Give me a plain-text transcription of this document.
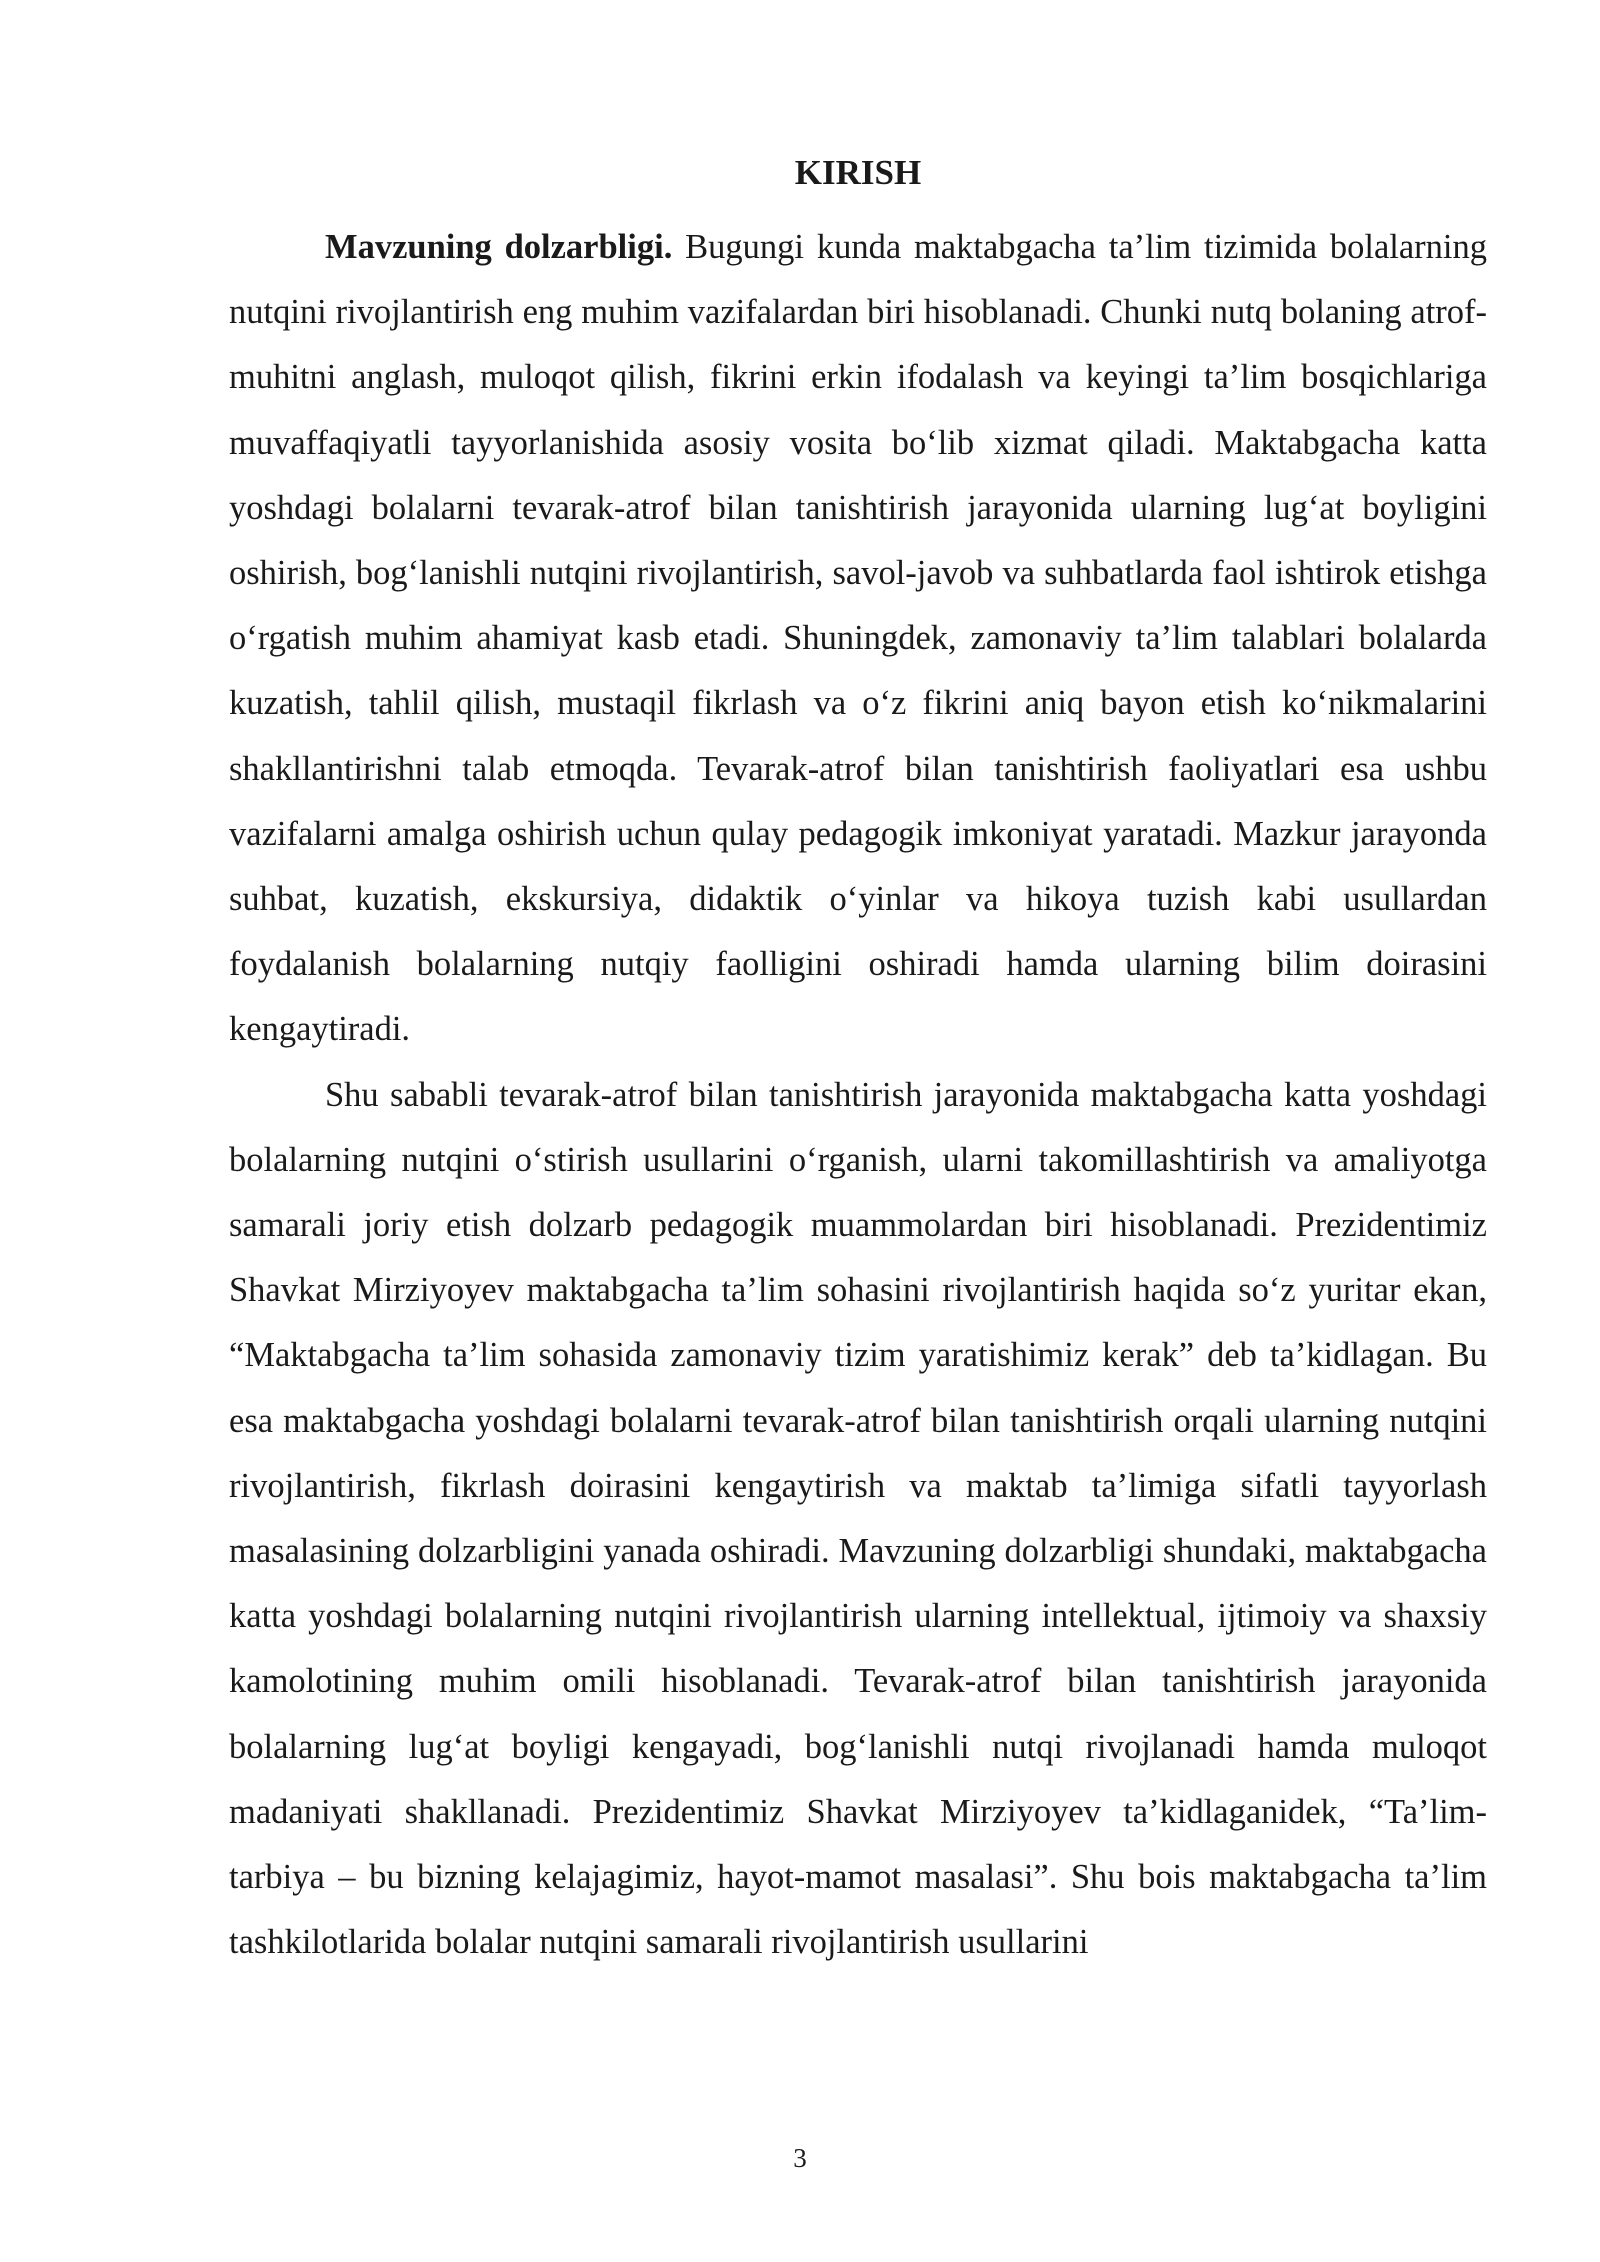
KIRISH

Mavzuning dolzarbligi. Bugungi kunda maktabgacha ta’lim tizimida bolalarning nutqini rivojlantirish eng muhim vazifalardan biri hisoblanadi. Chunki nutq bolaning atrof-muhitni anglash, muloqot qilish, fikrini erkin ifodalash va keyingi ta’lim bosqichlariga muvaffaqiyatli tayyorlanishida asosiy vosita bo‘lib xizmat qiladi. Maktabgacha katta yoshdagi bolalarni tevarak-atrof bilan tanishtirish jarayonida ularning lug‘at boyligini oshirish, bog‘lanishli nutqini rivojlantirish, savol-javob va suhbatlarda faol ishtirok etishga o‘rgatish muhim ahamiyat kasb etadi. Shuningdek, zamonaviy ta’lim talablari bolalarda kuzatish, tahlil qilish, mustaqil fikrlash va o‘z fikrini aniq bayon etish ko‘nikmalarini shakllantirishni talab etmoqda. Tevarak-atrof bilan tanishtirish faoliyatlari esa ushbu vazifalarni amalga oshirish uchun qulay pedagogik imkoniyat yaratadi. Mazkur jarayonda suhbat, kuzatish, ekskursiya, didaktik o‘yinlar va hikoya tuzish kabi usullardan foydalanish bolalarning nutqiy faolligini oshiradi hamda ularning bilim doirasini kengaytiradi.

Shu sababli tevarak-atrof bilan tanishtirish jarayonida maktabgacha katta yoshdagi bolalarning nutqini o‘stirish usullarini o‘rganish, ularni takomillashtirish va amaliyotga samarali joriy etish dolzarb pedagogik muammolardan biri hisoblanadi. Prezidentimiz Shavkat Mirziyoyev maktabgacha ta’lim sohasini rivojlantirish haqida so‘z yuritar ekan, “Maktabgacha ta’lim sohasida zamonaviy tizim yaratishimiz kerak” deb ta’kidlagan. Bu esa maktabgacha yoshdagi bolalarni tevarak-atrof bilan tanishtirish orqali ularning nutqini rivojlantirish, fikrlash doirasini kengaytirish va maktab ta’limiga sifatli tayyorlash masalasining dolzarbligini yanada oshiradi. Mavzuning dolzarbligi shundaki, maktabgacha katta yoshdagi bolalarning nutqini rivojlantirish ularning intellektual, ijtimoiy va shaxsiy kamolotining muhim omili hisoblanadi. Tevarak-atrof bilan tanishtirish jarayonida bolalarning lug‘at boyligi kengayadi, bog‘lanishli nutqi rivojlanadi hamda muloqot madaniyati shakllanadi. Prezidentimiz Shavkat Mirziyoyev ta’kidlaganidek, “Ta’lim-tarbiya – bu bizning kelajagimiz, hayot-mamot masalasi”. Shu bois maktabgacha ta’lim tashkilotlarida bolalar nutqini samarali rivojlantirish usullarini

3
